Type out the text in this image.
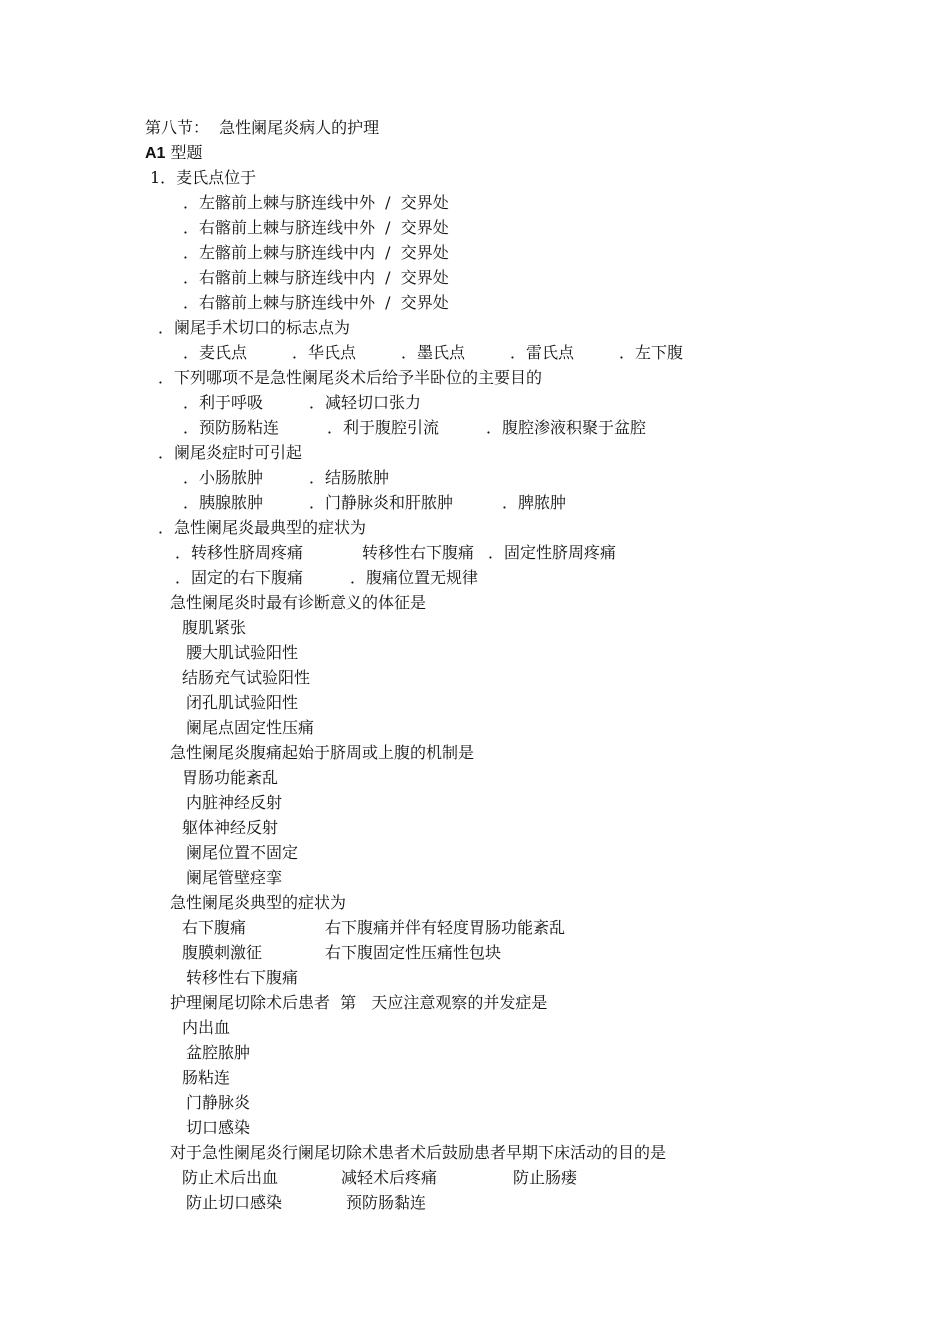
第八节：  急性阑尾炎病人的护理
A1 型题
1．麦氏点位于
．左髂前上棘与脐连线中外  /  交界处
．右髂前上棘与脐连线中外  /  交界处
．左髂前上棘与脐连线中内  /  交界处
．右髂前上棘与脐连线中内  /  交界处
．右髂前上棘与脐连线中外  /  交界处
．阑尾手术切口的标志点为
．麦氏点	．华氏点	．墨氏点	．雷氏点	．左下腹
．下列哪项不是急性阑尾炎术后给予半卧位的主要目的
．利于呼吸	．减轻切口张力
．预防肠粘连	．利于腹腔引流	．腹腔渗液积聚于盆腔
．阑尾炎症时可引起
．小肠脓肿	．结肠脓肿
．胰腺脓肿	．门静脉炎和肝脓肿	．脾脓肿
．急性阑尾炎最典型的症状为
．转移性脐周疼痛	转移性右下腹痛 ．固定性脐周疼痛
．固定的右下腹痛	．腹痛位置无规律
急性阑尾炎时最有诊断意义的体征是
腹肌紧张
腰大肌试验阳性
结肠充气试验阳性
闭孔肌试验阳性
阑尾点固定性压痛
急性阑尾炎腹痛起始于脐周或上腹的机制是
胃肠功能紊乱
内脏神经反射
躯体神经反射
阑尾位置不固定
阑尾管壁痉挛
急性阑尾炎典型的症状为
右下腹痛	右下腹痛并伴有轻度胃肠功能紊乱
腹膜刺激征	右下腹固定性压痛性包块
转移性右下腹痛
护理阑尾切除术后患者  第   天应注意观察的并发症是
内出血
盆腔脓肿
肠粘连
门静脉炎
切口感染
对于急性阑尾炎行阑尾切除术患者术后鼓励患者早期下床活动的目的是
防止术后出血	减轻术后疼痛	防止肠瘘
防止切口感染	预防肠黏连
